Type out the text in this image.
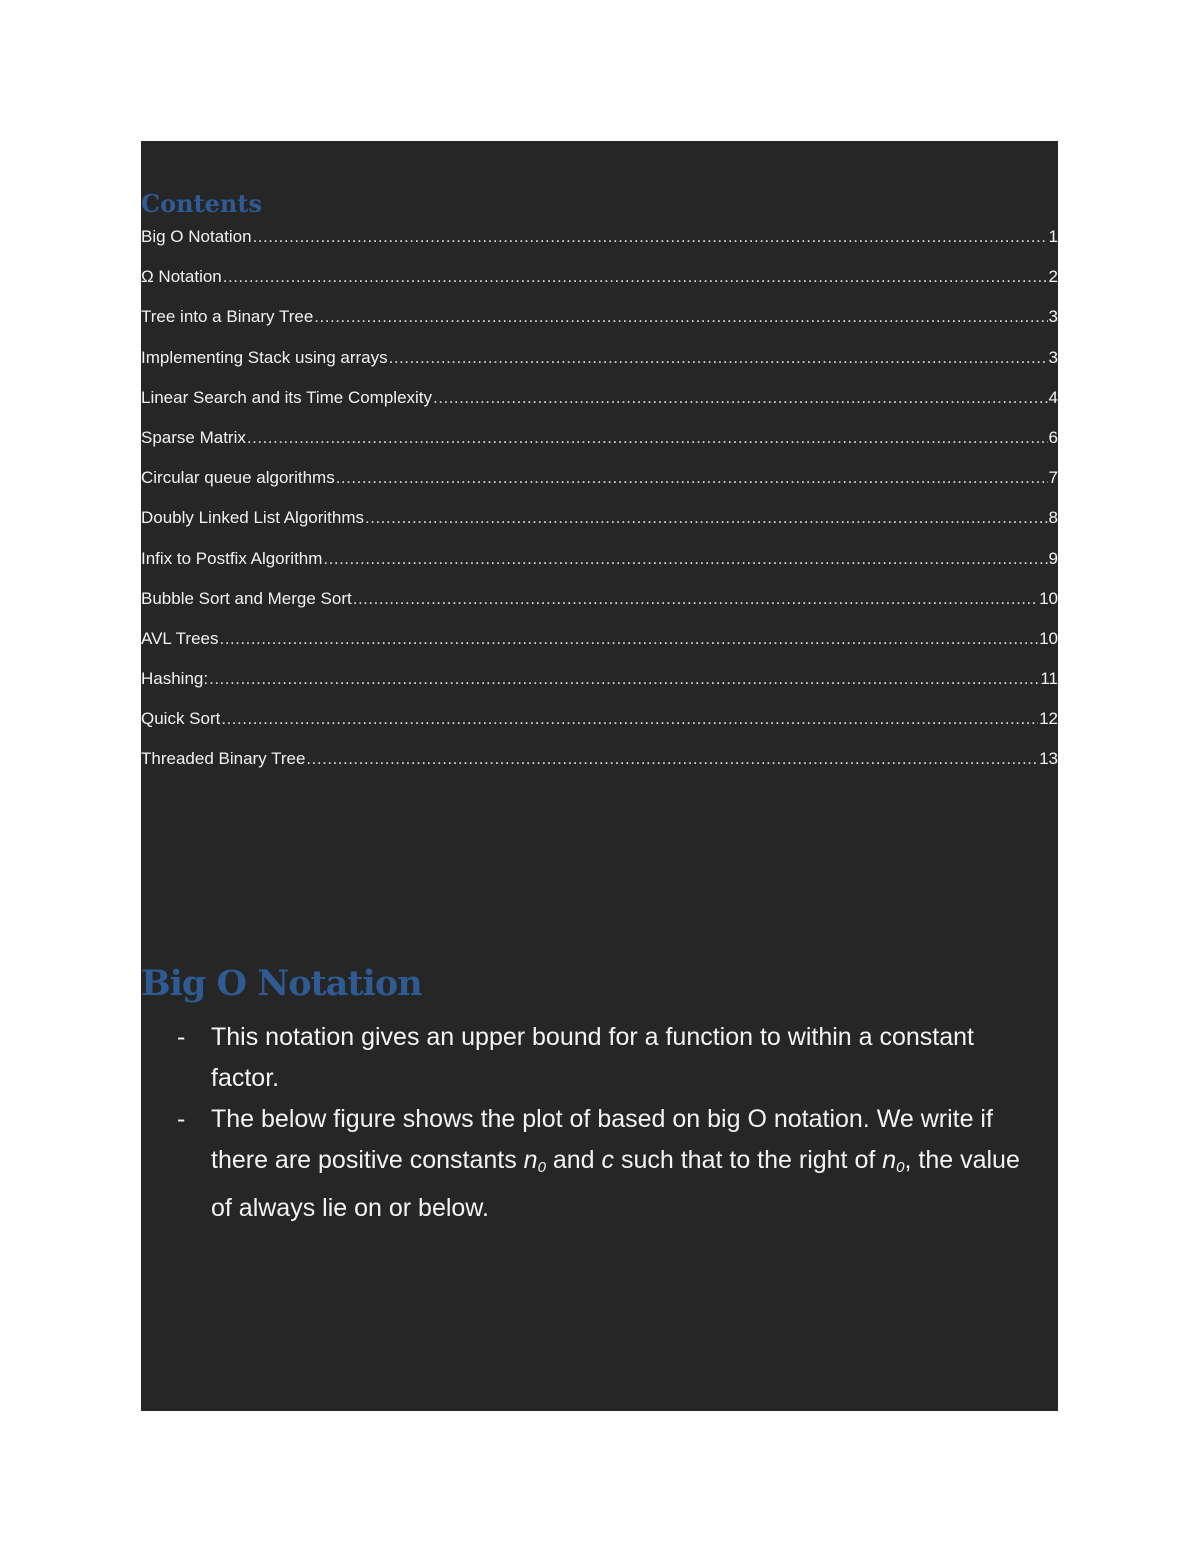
Contents
Big O Notation .....	1
Ω Notation .....	2
Tree into a Binary Tree .....	3
Implementing Stack using arrays .....	3
Linear Search and its Time Complexity .....	4
Sparse Matrix .....	6
Circular queue algorithms .....	7
Doubly Linked List Algorithms .....	8
Infix to Postfix Algorithm .....	9
Bubble Sort and Merge Sort .....	10
AVL Trees .....	10
Hashing: .....	11
Quick Sort .....	12
Threaded Binary Tree .....	13
Big O Notation
- This notation gives an upper bound for a function to within a constant factor.
- The below figure shows the plot of based on big O notation. We write if there are positive constants $n_0$ and c such that to the right of $n_0$, the value of always lie on or below.
